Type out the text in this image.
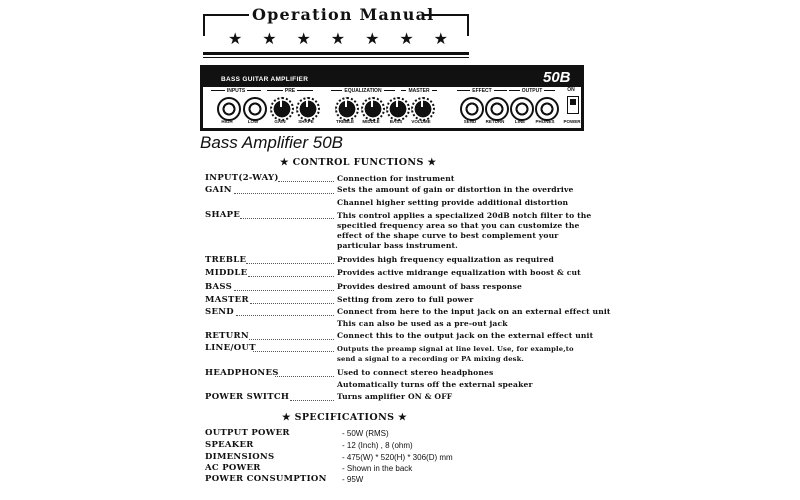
Operation Manual
★ ★ ★ ★ ★ ★ ★
BASS GUITAR AMPLIFIER	50B
INPUTS	PRE	EQUALIZATION	MASTER	EFFECT	OUTPUT	ON
HIGH	LOW	GAIN	SHAPE	TREBLE	MIDDLE	BASS	VOLUME	SEND	RETURN	LINE	PHONES	POWER
Bass Amplifier 50B
★ CONTROL FUNCTIONS ★
INPUT(2-WAY)	Connection for instrument
GAIN	Sets the amount of gain or distortion in the overdrive
Channel higher setting provide additional distortion
SHAPE	This control applies a specialized 20dB notch filter to the
specitled frequency area so that you can customize the
effect of the shape curve to best complement your
particular bass instrument.
TREBLE	Provides high frequency equalization as required
MIDDLE	Provides active midrange equalization with boost & cut
BASS	Provides desired amount of bass response
MASTER	Setting from zero to full power
SEND	Connect from here to the input jack on an external effect unit
This can also be used as a pre-out jack
RETURN	Connect this to the output jack on the external effect unit
LINE/OUT	Outputs the preamp signal at line level. Use, for example,to
send a signal to a recording or PA mixing desk.
HEADPHONES	Used to connect stereo headphones
Automatically turns off the external speaker
POWER SWITCH	Turns amplifier ON & OFF
★ SPECIFICATIONS ★
OUTPUT POWER	- 50W (RMS)
SPEAKER	- 12 (Inch) , 8 (ohm)
DIMENSIONS	- 475(W) * 520(H) * 306(D) mm
AC POWER	- Shown in the back
POWER CONSUMPTION - 95W
